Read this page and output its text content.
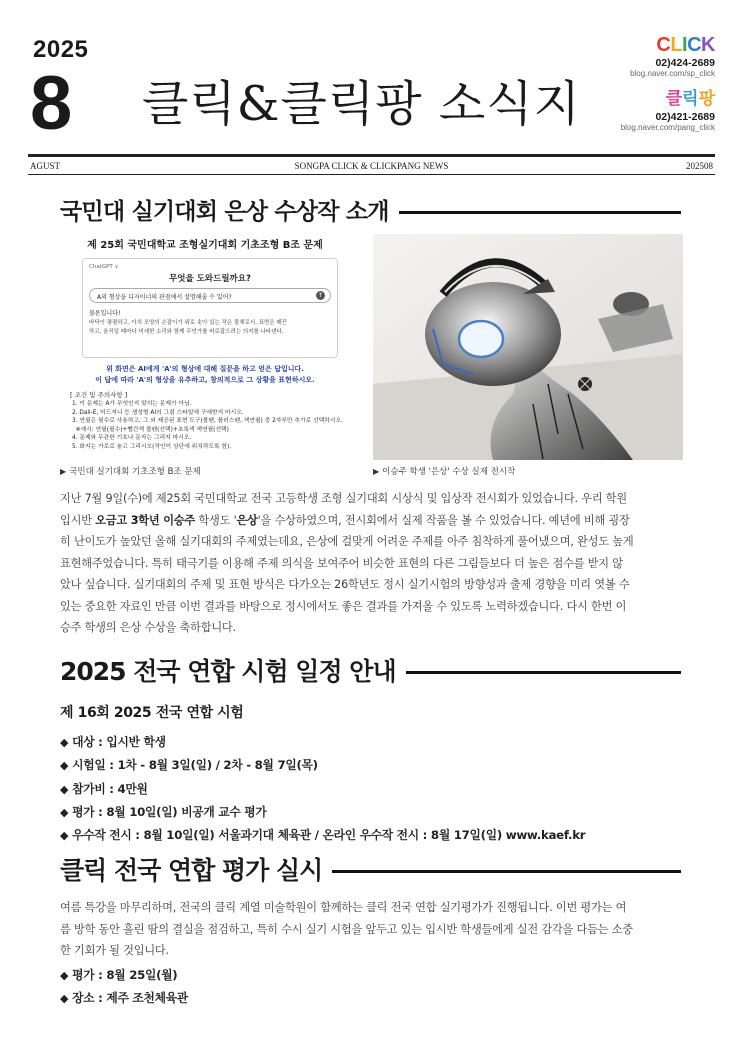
2025
8 클릭&클릭팡 소식지
CLICK
02)424-2689
blog.naver.com/sp_click
클릭팡
02)421-2689
blog.naver.com/pang_click
AGUST	SONGPA CLICK & CLICKPANG NEWS	202508
국민대 실기대회 은상 수상작 소개
제 25회 국민대학교 조형실기대회 기초조형 B조 문제
ChatGPT ∨
무엇을 도와드릴까요?
A의 형상을 디자이너의 관점에서 설명해줄 수 있어?	↑
물론입니다!
바닥이 평평하고, 아치 모양의 손잡이가 위로 솟아 있는 작은 물체로서, 표면은 매끈
하고, 움직일 때마다 미세한 소리와 함께 무언가를 바로잡으려는 의지를 나타낸다.
위 화면은 AI에게 'A'의 형상에 대해 질문을 하고 얻은 답입니다.
이 답에 따라 'A'의 형상을 유추하고, 창의적으로 그 상황을 표현하시오.
[ 조건 및 주의사항 ]
1. 이 문제는 A가 무엇인지 맞히는 문제가 아님.
2. Dall-E, 미드저니 등 생성형 AI의 그림 스타일에 구애받지 마시오.
3. 연필은 필수로 사용하고, 그 외 제공된 표현 도구(볼펜, 플러스펜, 색연필) 중 2자루만 추가로 선택하시오.
※예시: 연필(필수)+빨간색 볼펜(선택)+초록색 색연필(선택)
4. 문제와 무관한 기호나 문자는 그리지 마시오.
5. 화지는 가로로 놓고 그리시오(작인이 상단에 위치하도록 함).
▶ 국민대 실기대회 기초조형 B조 문제	▶ 이승주 학생 '은상' 수상 실제 전시작
지난 7월 9일(수)에 제25회 국민대학교 전국 고등학생 조형 실기대회 시상식 및 입상작 전시회가 있었습니다. 우리 학원
입시반 오금고 3학년 이승주 학생도 '은상'을 수상하였으며, 전시회에서 실제 작품을 볼 수 있었습니다. 예년에 비해 굉장
히 난이도가 높았던 올해 실기대회의 주제였는데요, 은상에 걸맞게 어려운 주제를 아주 침착하게 풀어냈으며, 완성도 높게
표현해주었습니다. 특히 태극기를 이용해 주제 의식을 보여주어 비슷한 표현의 다른 그림들보다 더 높은 점수를 받지 않
았나 싶습니다. 실기대회의 주제 및 표현 방식은 다가오는 26학년도 정시 실기시험의 방향성과 출제 경향을 미리 엿볼 수
있는 중요한 자료인 만큼 이번 결과를 바탕으로 정시에서도 좋은 결과를 가져올 수 있도록 노력하겠습니다. 다시 한번 이
승주 학생의 은상 수상을 축하합니다.
2025 전국 연합 시험 일정 안내
제 16회 2025 전국 연합 시험
◆ 대상 : 입시반 학생
◆ 시험일 : 1차 - 8월 3일(일) / 2차 - 8월 7일(목)
◆ 참가비 : 4만원
◆ 평가 : 8월 10일(일) 비공개 교수 평가
◆ 우수작 전시 : 8월 10일(일) 서울과기대 체육관 / 온라인 우수작 전시 : 8월 17일(일) www.kaef.kr
클릭 전국 연합 평가 실시
여름 특강을 마무리하며, 전국의 클릭 계열 미술학원이 함께하는 클릭 전국 연합 실기평가가 진행됩니다. 이번 평가는 여
름 방학 동안 흘린 땀의 결실을 점검하고, 특히 수시 실기 시험을 앞두고 있는 입시반 학생들에게 실전 감각을 다듬는 소중
한 기회가 될 것입니다.
◆ 평가 : 8월 25일(월)
◆ 장소 : 제주 조천체육관
